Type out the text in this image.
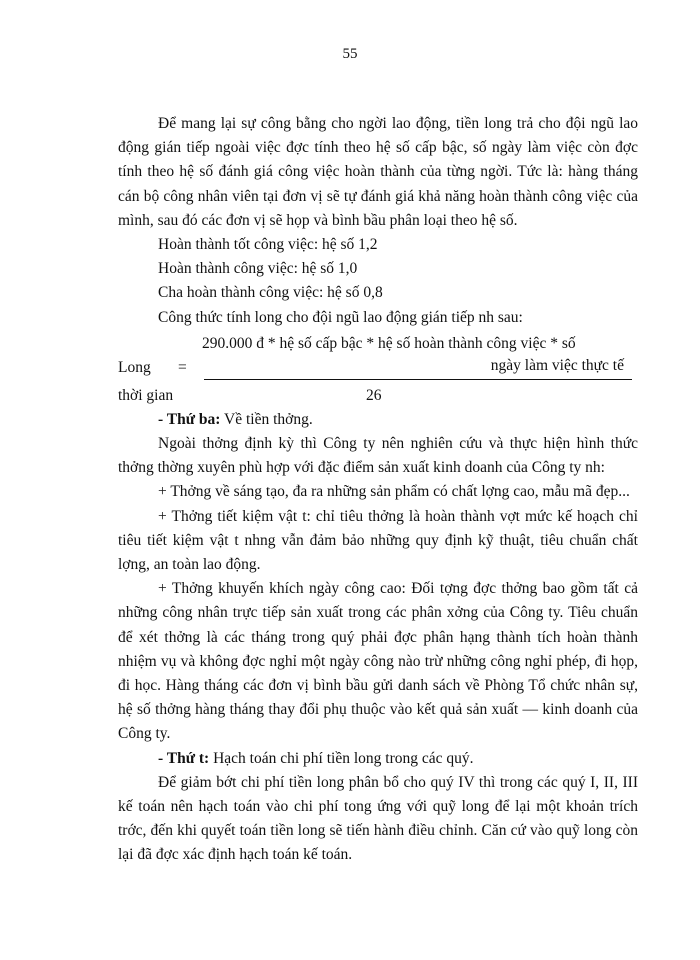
55

Để mang lại sự công bằng cho ngời lao động, tiền long trả cho đội ngũ lao động gián tiếp ngoài việc đợc tính theo hệ số cấp bậc, số ngày làm việc còn đợc tính theo hệ số đánh giá công việc hoàn thành của từng ngời. Tức là: hàng tháng cán bộ công nhân viên tại đơn vị sẽ tự đánh giá khả năng hoàn thành công việc của mình, sau đó các đơn vị sẽ họp và bình bầu phân loại theo hệ số.

Hoàn thành tốt công việc: hệ số 1,2

Hoàn thành công việc: hệ số 1,0

Cha hoàn thành công việc: hệ số 0,8

Công thức tính long cho đội ngũ lao động gián tiếp nh sau:

290.000 đ * hệ số cấp bậc * hệ số hoàn thành công việc * số
Long =	ngày làm việc thực tế
thời gian	26

- Thứ ba: Về tiền thởng.

Ngoài thởng định kỳ thì Công ty nên nghiên cứu và thực hiện hình thức thởng thờng xuyên phù hợp với đặc điểm sản xuất kinh doanh của Công ty nh:

+ Thởng về sáng tạo, đa ra những sản phẩm có chất lợng cao, mẫu mã đẹp...

+ Thởng tiết kiệm vật t: chỉ tiêu thởng là hoàn thành vợt mức kế hoạch chỉ tiêu tiết kiệm vật t nhng vẫn đảm bảo những quy định kỹ thuật, tiêu chuẩn chất lợng, an toàn lao động.

+ Thởng khuyến khích ngày công cao: Đối tợng đợc thởng bao gồm tất cả những công nhân trực tiếp sản xuất trong các phân xởng của Công ty. Tiêu chuẩn để xét thởng là các tháng trong quý phải đợc phân hạng thành tích hoàn thành nhiệm vụ và không đợc nghỉ một ngày công nào trừ những công nghỉ phép, đi họp, đi học. Hàng tháng các đơn vị bình bầu gửi danh sách về Phòng Tổ chức nhân sự, hệ số thởng hàng tháng thay đổi phụ thuộc vào kết quả sản xuất — kinh doanh của Công ty.

- Thứ t: Hạch toán chi phí tiền long trong các quý.

Để giảm bớt chi phí tiền long phân bổ cho quý IV thì trong các quý I, II, III kế toán nên hạch toán vào chi phí tong ứng với quỹ long để lại một khoản trích trớc, đến khi quyết toán tiền long sẽ tiến hành điều chỉnh. Căn cứ vào quỹ long còn lại đã đợc xác định hạch toán kế toán.
